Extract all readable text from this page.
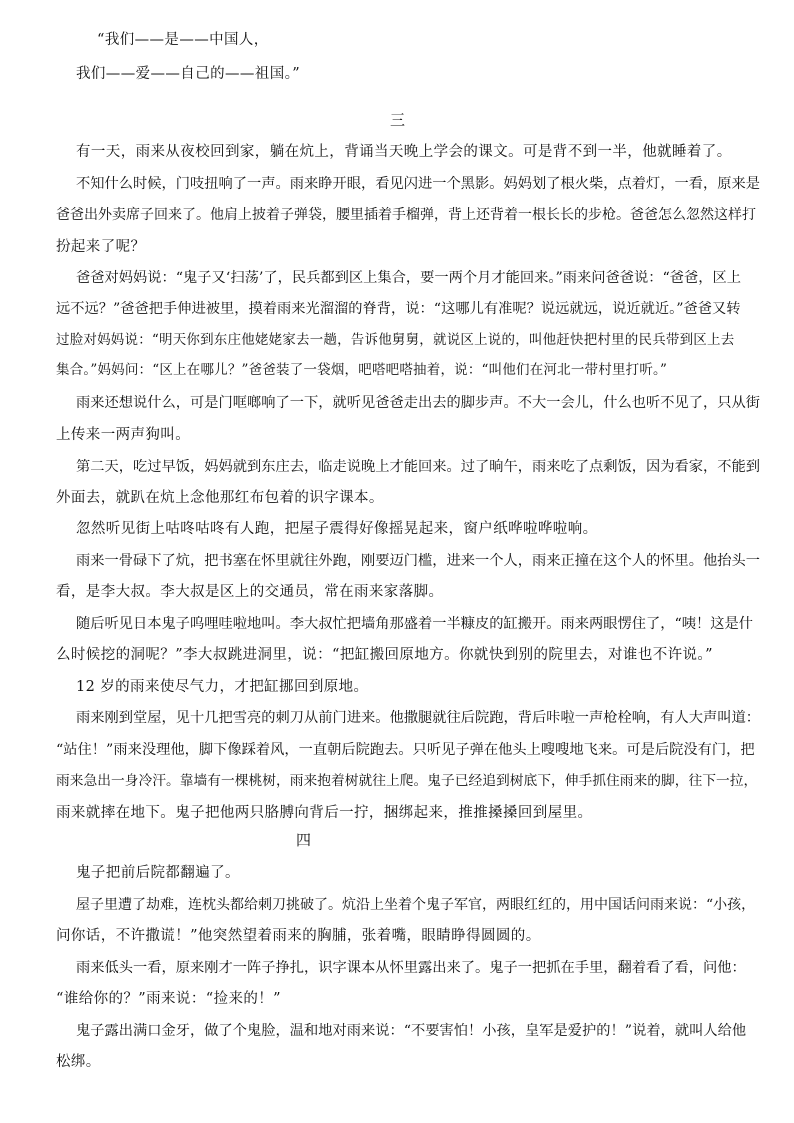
“我们——是——中国人，
我们——爱——自己的——祖国。”
三
有一天，雨来从夜校回到家，躺在炕上，背诵当天晚上学会的课文。可是背不到一半，他就睡着了。
不知什么时候，门吱扭响了一声。雨来睁开眼，看见闪进一个黑影。妈妈划了根火柴，点着灯，一看，原来是
爸爸出外卖席子回来了。他肩上披着子弹袋，腰里插着手榴弹，背上还背着一根长长的步枪。爸爸怎么忽然这样打
扮起来了呢？
爸爸对妈妈说：“鬼子又‘扫荡’了，民兵都到区上集合，要一两个月才能回来。”雨来问爸爸说：“爸爸，区上
远不远？”爸爸把手伸进被里，摸着雨来光溜溜的脊背，说：“这哪儿有准呢？说远就远，说近就近。”爸爸又转
过脸对妈妈说：“明天你到东庄他姥姥家去一趟，告诉他舅舅，就说区上说的，叫他赶快把村里的民兵带到区上去
集合。”妈妈问：“区上在哪儿？”爸爸装了一袋烟，吧嗒吧嗒抽着，说：“叫他们在河北一带村里打听。”
雨来还想说什么，可是门哐啷响了一下，就听见爸爸走出去的脚步声。不大一会儿，什么也听不见了，只从街
上传来一两声狗叫。
第二天，吃过早饭，妈妈就到东庄去，临走说晚上才能回来。过了晌午，雨来吃了点剩饭，因为看家，不能到
外面去，就趴在炕上念他那红布包着的识字课本。
忽然听见街上咕咚咕咚有人跑，把屋子震得好像摇晃起来，窗户纸哗啦哗啦响。
雨来一骨碌下了炕，把书塞在怀里就往外跑，刚要迈门槛，进来一个人，雨来正撞在这个人的怀里。他抬头一
看，是李大叔。李大叔是区上的交通员，常在雨来家落脚。
随后听见日本鬼子呜哩哇啦地叫。李大叔忙把墙角那盛着一半糠皮的缸搬开。雨来两眼愣住了，“咦！这是什
么时候挖的洞呢？”李大叔跳进洞里，说：“把缸搬回原地方。你就快到别的院里去，对谁也不许说。”
12 岁的雨来使尽气力，才把缸挪回到原地。
雨来刚到堂屋，见十几把雪亮的刺刀从前门进来。他撒腿就往后院跑，背后咔啦一声枪栓响，有人大声叫道：
“站住！”雨来没理他，脚下像踩着风，一直朝后院跑去。只听见子弹在他头上嗖嗖地飞来。可是后院没有门，把
雨来急出一身冷汗。靠墙有一棵桃树，雨来抱着树就往上爬。鬼子已经追到树底下，伸手抓住雨来的脚，往下一拉，
雨来就摔在地下。鬼子把他两只胳膊向背后一拧，捆绑起来，推推搡搡回到屋里。
四
鬼子把前后院都翻遍了。
屋子里遭了劫难，连枕头都给刺刀挑破了。炕沿上坐着个鬼子军官，两眼红红的，用中国话问雨来说：“小孩，
问你话，不许撒谎！”他突然望着雨来的胸脯，张着嘴，眼睛睁得圆圆的。
雨来低头一看，原来刚才一阵子挣扎，识字课本从怀里露出来了。鬼子一把抓在手里，翻着看了看，问他：
“谁给你的？”雨来说：“捡来的！”
鬼子露出满口金牙，做了个鬼脸，温和地对雨来说：“不要害怕！小孩，皇军是爱护的！”说着，就叫人给他
松绑。
